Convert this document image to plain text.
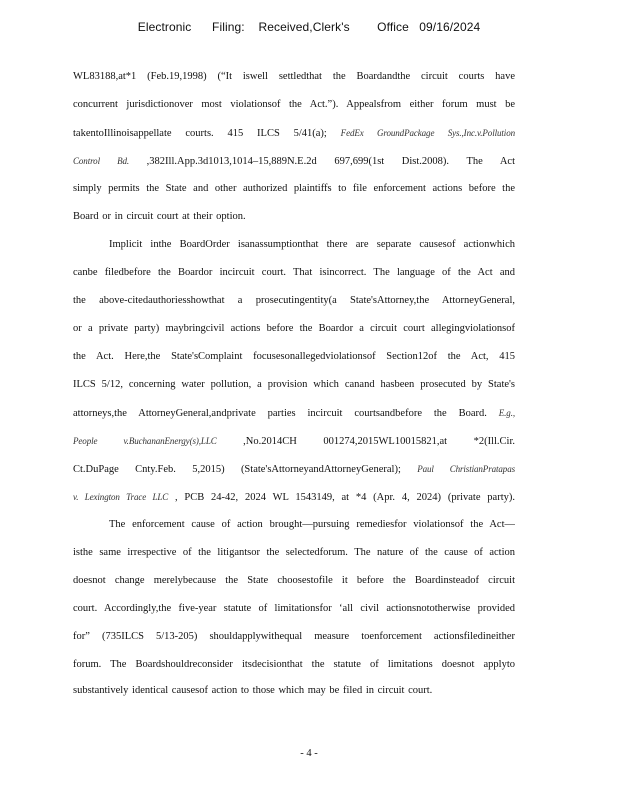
Electronic      Filing:    Received,Clerk's        Office   09/16/2024
WL83188,at*1 (Feb.19,1998) (“It iswell settledthat the Boardandthe circuit courts have
concurrent jurisdictionover most violationsof the Act.”). Appealsfrom either forum must be
takentoIllinoisappellate courts. 415 ILCS 5/41(a); FedEx GroundPackage Sys.,Inc.v.Pollution
Control Bd. ,382Ill.App.3d1013,1014–15,889N.E.2d 697,699(1st Dist.2008). The Act
simply permits the State and other authorized plaintiffs to file enforcement actions before the
Board or in circuit court at their option.
Implicit inthe BoardOrder isanassumptionthat there are separate causesof actionwhich
canbe filedbefore the Boardor incircuit court. That isincorrect. The language of the Act and
the above-citedauthoriesshowthat a prosecutingentity(a State'sAttorney,the AttorneyGeneral,
or a private party) maybringcivil actions before the Boardor a circuit court allegingviolationsof
the Act. Here,the State'sComplaint focusesonallegedviolationsof Section12of the Act, 415
ILCS 5/12, concerning water pollution, a provision which canand hasbeen prosecuted by State's
attorneys,the AttorneyGeneral,andprivate parties incircuit courtsandbefore the Board. E.g.,
People v.BuchananEnergy(s),LLC ,No.2014CH 001274,2015WL10015821,at *2(Ill.Cir.
Ct.DuPage Cnty.Feb. 5,2015) (State'sAttorneyandAttorneyGeneral); Paul ChristianPratapas
v. Lexington Trace LLC , PCB 24-42, 2024 WL 1543149, at *4 (Apr. 4, 2024) (private party).
The enforcement cause of action brought—pursuing remediesfor violationsof the Act—
isthe same irrespective of the litigantsor the selectedforum. The nature of the cause of action
doesnot change merelybecause the State choosestofile it before the Boardinsteadof circuit
court. Accordingly,the five-year statute of limitationsfor ‘all civil actionsnototherwise provided
for” (735ILCS 5/13-205) shouldapplywithequal measure toenforcement actionsfiledineither
forum. The Boardshouldreconsider itsdecisionthat the statute of limitations doesnot applyto
substantively identical causesof action to those which may be filed in circuit court.
- 4 -
